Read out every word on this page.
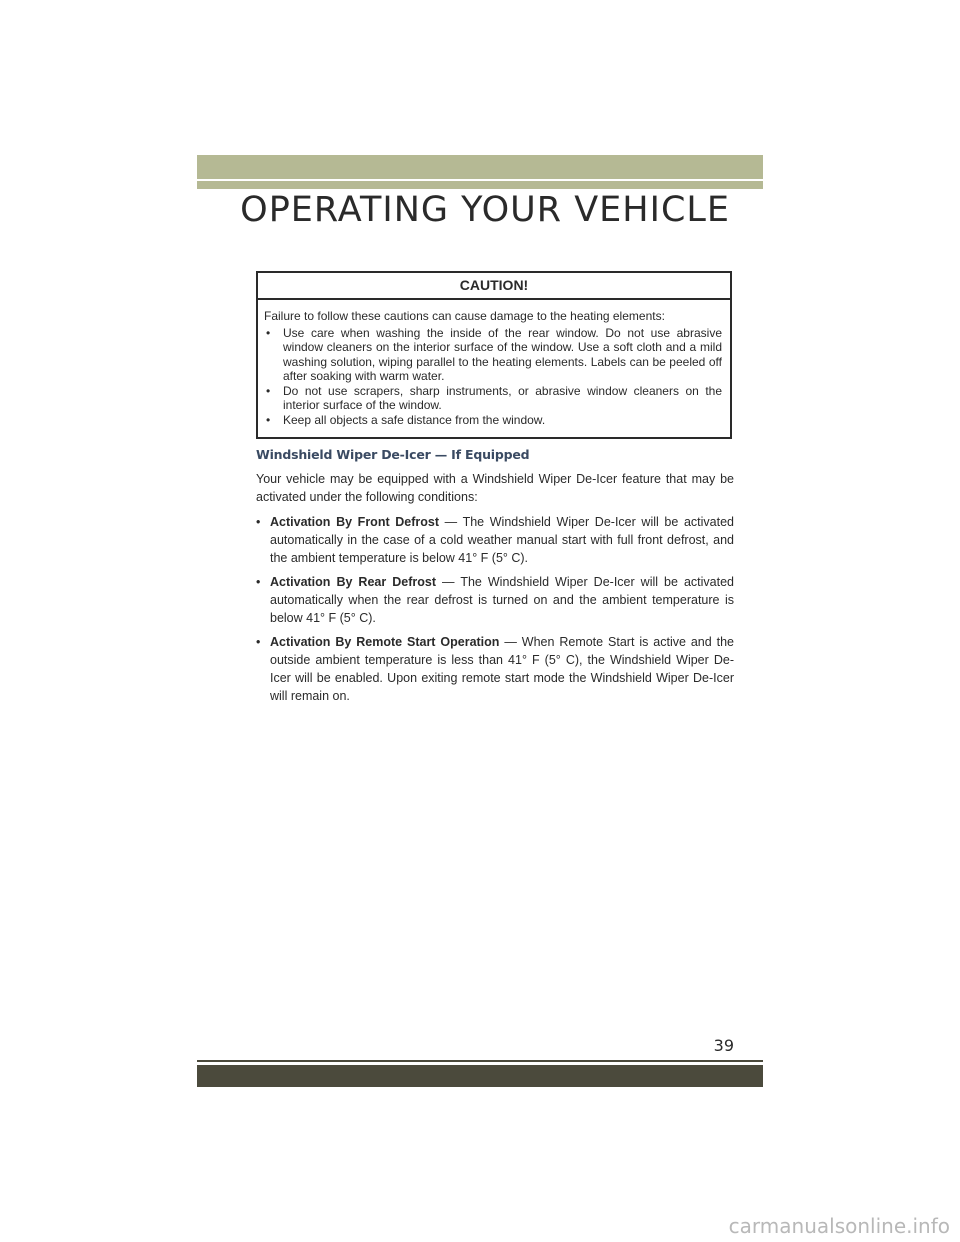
OPERATING YOUR VEHICLE
CAUTION!

Failure to follow these cautions can cause damage to the heating elements:

• Use care when washing the inside of the rear window. Do not use abrasive window cleaners on the interior surface of the window. Use a soft cloth and a mild washing solution, wiping parallel to the heating elements. Labels can be peeled off after soaking with warm water.
• Do not use scrapers, sharp instruments, or abrasive window cleaners on the interior surface of the window.
• Keep all objects a safe distance from the window.
Windshield Wiper De-Icer — If Equipped

Your vehicle may be equipped with a Windshield Wiper De-Icer feature that may be activated under the following conditions:

• Activation By Front Defrost — The Windshield Wiper De-Icer will be activated automatically in the case of a cold weather manual start with full front defrost, and the ambient temperature is below 41° F (5° C).
• Activation By Rear Defrost — The Windshield Wiper De-Icer will be activated automatically when the rear defrost is turned on and the ambient temperature is below 41° F (5° C).
• Activation By Remote Start Operation — When Remote Start is active and the outside ambient temperature is less than 41° F (5° C), the Windshield Wiper De-Icer will be enabled. Upon exiting remote start mode the Windshield Wiper De-Icer will remain on.
39
carmanualsonline.info
